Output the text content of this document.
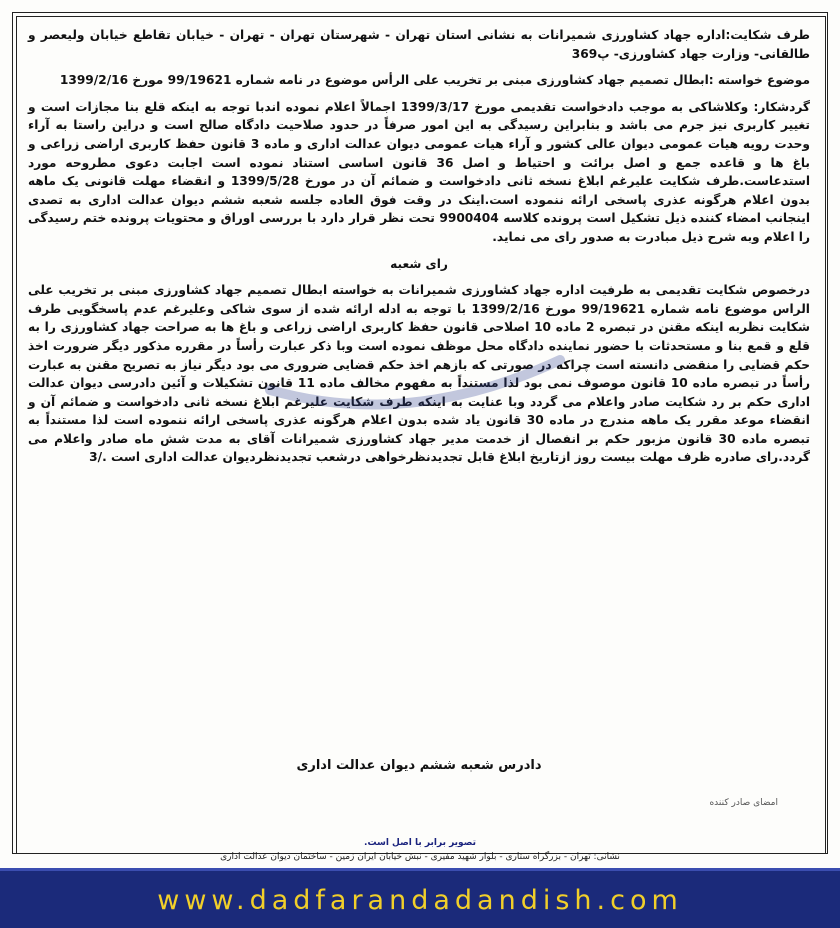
طرف شکایت:اداره جهاد کشاورزی شمیرانات به نشانی استان تهران - شهرستان تهران - تهران - خیابان تقاطع خیابان ولیعصر و طالقانی- وزارت جهاد کشاورزی- پ369

موضوع خواسته :ابطال تصمیم جهاد کشاورزی مبنی بر تخریب علی الرأس موضوع در نامه شماره 99/19621 مورخ 1399/2/16

گردشکار: وکلاشاکی به موجب دادخواست تقدیمی مورخ 1399/3/17 اجمالاً اعلام نموده اندبا توجه به اینکه قلع بنا مجازات است و تغییر کاربری نیز جرم می باشد و بنابراین رسیدگی به این امور صرفاً در حدود صلاحیت دادگاه صالح است و دراین راستا به آراء وحدت رویه هیات عمومی دیوان عالی کشور و آراء هیات عمومی دیوان عدالت اداری و ماده 3 قانون حفظ کاربری اراضی زراعی و باغ ها و قاعده جمع و اصل برائت و احتیاط و اصل 36 قانون اساسی استناد نموده است اجابت دعوی مطروحه مورد استدعاست.طرف شکایت علیرغم ابلاغ نسخه ثانی دادخواست و ضمائم آن در مورخ 1399/5/28 و انقضاء مهلت قانونی یک ماهه بدون اعلام هرگونه عذری پاسخی ارائه ننموده است.اینک در وقت فوق العاده جلسه شعبه ششم دیوان عدالت اداری به تصدی اینجانب امضاء کننده ذیل تشکیل است پرونده کلاسه 9900404 تحت نظر قرار دارد با بررسی اوراق و محتویات پرونده ختم رسیدگی را اعلام وبه شرح ذیل مبادرت به صدور رای می نماید.

رای شعبه

درخصوص شکایت تقدیمی به طرفیت اداره جهاد کشاورزی شمیرانات به خواسته ابطال تصمیم جهاد کشاورزی مبنی بر تخریب علی الراس موضوع نامه شماره 99/19621 مورخ 1399/2/16 با توجه به ادله ارائه شده از سوی شاکی وعلیرغم عدم پاسخگویی طرف شکایت نظربه اینکه مقنن در تبصره 2 ماده 10 اصلاحی قانون حفظ کاربری اراضی زراعی و باغ ها به صراحت جهاد کشاورزی را به قلع و قمع بنا و مستحدثات با حضور نماینده دادگاه محل موظف نموده است وبا ذکر عبارت رأساً در مقرره مذکور دیگر ضرورت اخذ حکم قضایی را منقضی دانسته است چراکه در صورتی که بازهم اخذ حکم قضایی ضروری می بود دیگر نیاز به تصریح مقنن به عبارت رأساً در تبصره ماده 10 قانون موصوف نمی بود لذا مستنداً به مفهوم مخالف ماده 11 قانون تشکیلات و آئین دادرسی دیوان عدالت اداری حکم بر رد شکایت صادر واعلام می گردد وبا عنایت به اینکه طرف شکایت علیرغم ابلاغ نسخه ثانی دادخواست و ضمائم آن و انقضاء موعد مقرر یک ماهه مندرج در ماده 30 قانون یاد شده بدون اعلام هرگونه عذری پاسخی ارائه ننموده است لذا مستنداً به تبصره ماده 30 قانون مزبور حکم بر انفصال از خدمت مدیر جهاد کشاورزی شمیرانات آقای به مدت شش ماه صادر واعلام می گردد.رای صادره ظرف مهلت بیست روز ازتاریخ ابلاغ قابل تجدیدنظرخواهی درشعب تجدیدنظردیوان عدالت اداری است ./3

دادرس شعبه ششم دیوان عدالت اداری
امضای صادر کننده
تصویر برابر با اصل است.
نشانی: تهران - بزرگراه ستاری - بلوار شهید مفیری - نبش خیابان ایران زمین - ساختمان دیوان عدالت اداری
www.dadfarandadandish.com
